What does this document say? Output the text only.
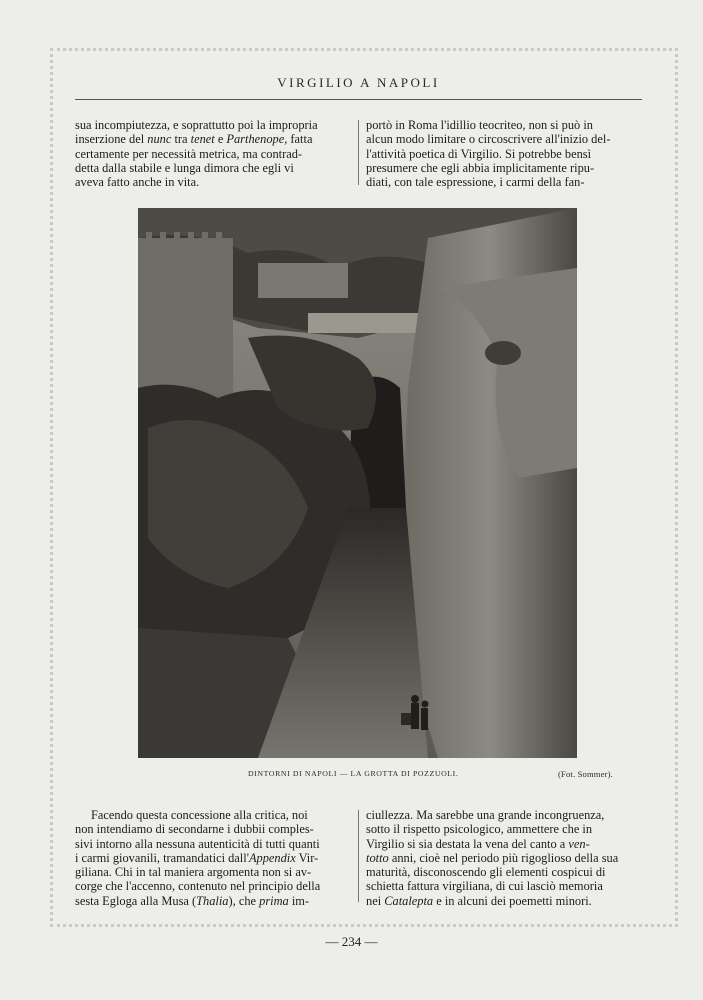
VIRGILIO A NAPOLI

sua incompiutezza, e soprattutto poi la impropria

inserzione del nunc tra tenet e Parthenope, fatta

certamente per necessità metrica, ma contrad-

detta dalla stabile e lunga dimora che egli vi

aveva fatto anche in vita.

portò in Roma l'idillio teocriteo, non si può in

alcun modo limitare o circoscrivere all'inizio del-

l'attività poetica di Virgilio. Si potrebbe bensì

presumere che egli abbia implicitamente ripu-

diati, con tale espressione, i carmi della fan-

DINTORNI DI NAPOLI — LA GROTTA DI POZZUOLI.	(Fot. Sommer).

Facendo questa concessione alla critica, noi

non intendiamo di secondarne i dubbii comples-

sivi intorno alla nessuna autenticità di tutti quanti

i carmi giovanili, tramandatici dall'Appendix Vir-

giliana. Chi in tal maniera argomenta non si av-

corge che l'accenno, contenuto nel principio della

sesta Egloga alla Musa (Thalia), che prima im-

ciullezza. Ma sarebbe una grande incongruenza,

sotto il rispetto psicologico, ammettere che in

Virgilio si sia destata la vena del canto a ven-

totto anni, cioè nel periodo più rigoglioso della sua

maturità, disconoscendo gli elementi cospicui di

schietta fattura virgiliana, di cui lasciò memoria

nei Catalepta e in alcuni dei poemetti minori.

— 234 —
